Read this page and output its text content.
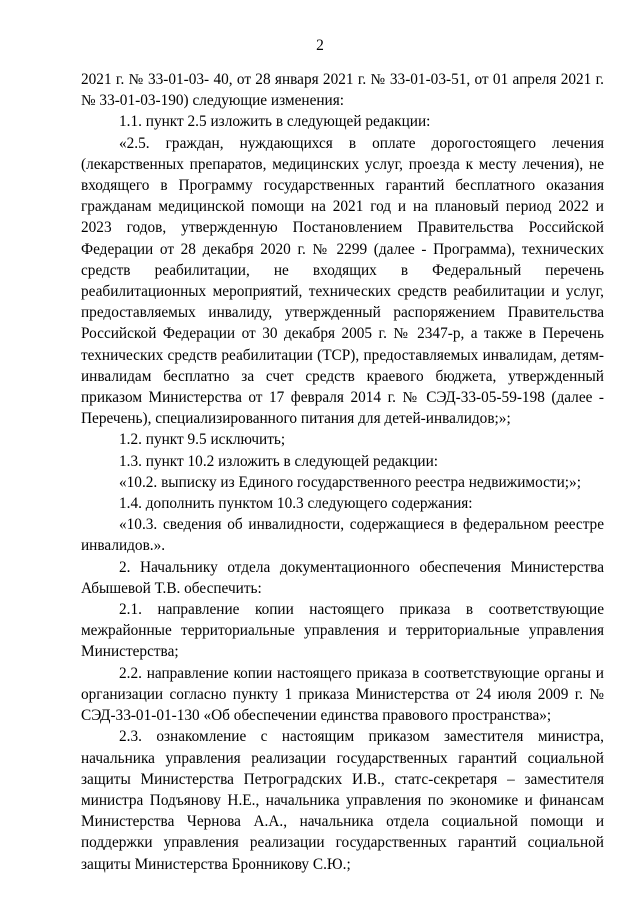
2

2021 г. № 33-01-03- 40, от 28 января 2021 г. № 33-01-03-51, от 01 апреля 2021 г. № 33-01-03-190) следующие изменения:

1.1. пункт 2.5 изложить в следующей редакции:

«2.5. граждан, нуждающихся в оплате дорогостоящего лечения (лекарственных препаратов, медицинских услуг, проезда к месту лечения), не входящего в Программу государственных гарантий бесплатного оказания гражданам медицинской помощи на 2021 год и на плановый период 2022 и 2023 годов, утвержденную Постановлением Правительства Российской Федерации от 28 декабря 2020 г. № 2299 (далее - Программа), технических средств реабилитации, не входящих в Федеральный перечень реабилитационных мероприятий, технических средств реабилитации и услуг, предоставляемых инвалиду, утвержденный распоряжением Правительства Российской Федерации от 30 декабря 2005 г. № 2347-р, а также в Перечень технических средств реабилитации (ТСР), предоставляемых инвалидам, детям-инвалидам бесплатно за счет средств краевого бюджета, утвержденный приказом Министерства от 17 февраля 2014 г. № СЭД-33-05-59-198 (далее - Перечень), специализированного питания для детей-инвалидов;»;

1.2. пункт 9.5 исключить;

1.3. пункт 10.2 изложить в следующей редакции:

«10.2. выписку из Единого государственного реестра недвижимости;»;

1.4. дополнить пунктом 10.3 следующего содержания:

«10.3. сведения об инвалидности, содержащиеся в федеральном реестре инвалидов.».

2. Начальнику отдела документационного обеспечения Министерства Абышевой Т.В. обеспечить:

2.1. направление копии настоящего приказа в соответствующие межрайонные территориальные управления и территориальные управления Министерства;

2.2. направление копии настоящего приказа в соответствующие органы и организации согласно пункту 1 приказа Министерства от 24 июля 2009 г. № СЭД-33-01-01-130 «Об обеспечении единства правового пространства»;

2.3. ознакомление с настоящим приказом заместителя министра, начальника управления реализации государственных гарантий социальной защиты Министерства Петроградских И.В., статс-секретаря – заместителя министра Подъянову Н.Е., начальника управления по экономике и финансам Министерства Чернова А.А., начальника отдела социальной помощи и поддержки управления реализации государственных гарантий социальной защиты Министерства Бронникову С.Ю.;
